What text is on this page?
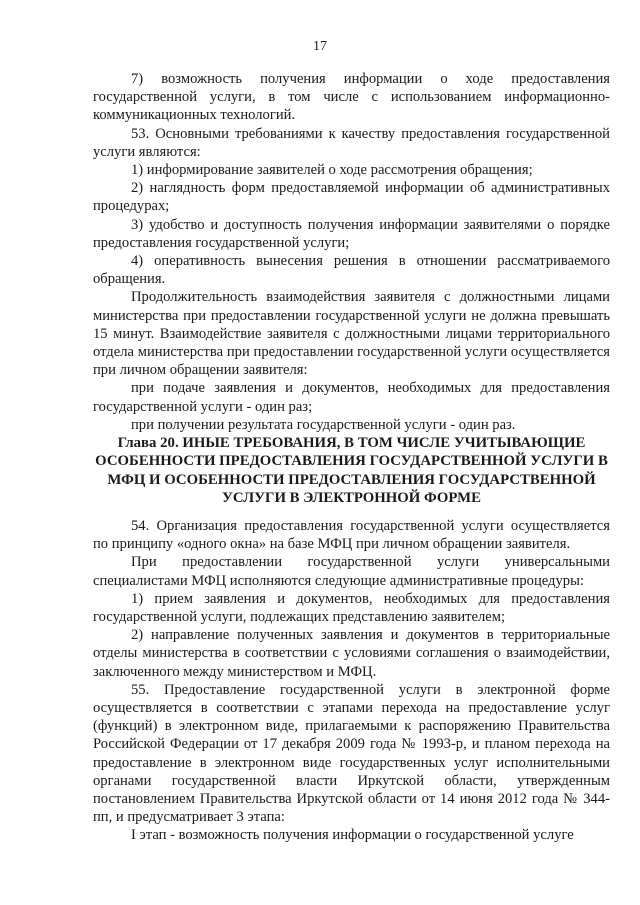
17

7) возможность получения информации о ходе предоставления государственной услуги, в том числе с использованием информационно-коммуникационных технологий.

53. Основными требованиями к качеству предоставления государственной услуги являются:

1) информирование заявителей о ходе рассмотрения обращения;

2) наглядность форм предоставляемой информации об административных процедурах;

3) удобство и доступность получения информации заявителями о порядке предоставления государственной услуги;

4) оперативность вынесения решения в отношении рассматриваемого обращения.

Продолжительность взаимодействия заявителя с должностными лицами министерства при предоставлении государственной услуги не должна превышать 15 минут. Взаимодействие заявителя с должностными лицами территориального отдела министерства при предоставлении государственной услуги осуществляется при личном обращении заявителя:

при подаче заявления и документов, необходимых для предоставления государственной услуги - один раз;

при получении результата государственной услуги - один раз.

Глава 20. ИНЫЕ ТРЕБОВАНИЯ, В ТОМ ЧИСЛЕ УЧИТЫВАЮЩИЕ ОСОБЕННОСТИ ПРЕДОСТАВЛЕНИЯ ГОСУДАРСТВЕННОЙ УСЛУГИ В МФЦ И ОСОБЕННОСТИ ПРЕДОСТАВЛЕНИЯ ГОСУДАРСТВЕННОЙ УСЛУГИ В ЭЛЕКТРОННОЙ ФОРМЕ

54. Организация предоставления государственной услуги осуществляется по принципу «одного окна» на базе МФЦ при личном обращении заявителя.

При предоставлении государственной услуги универсальными специалистами МФЦ исполняются следующие административные процедуры:

1) прием заявления и документов, необходимых для предоставления государственной услуги, подлежащих представлению заявителем;

2) направление полученных заявления и документов в территориальные отделы министерства в соответствии с условиями соглашения о взаимодействии, заключенного между министерством и МФЦ.

55. Предоставление государственной услуги в электронной форме осуществляется в соответствии с этапами перехода на предоставление услуг (функций) в электронном виде, прилагаемыми к распоряжению Правительства Российской Федерации от 17 декабря 2009 года № 1993-р, и планом перехода на предоставление в электронном виде государственных услуг исполнительными органами государственной власти Иркутской области, утвержденным постановлением Правительства Иркутской области от 14 июня 2012 года № 344-пп, и предусматривает 3 этапа:

I этап - возможность получения информации о государственной услуге
